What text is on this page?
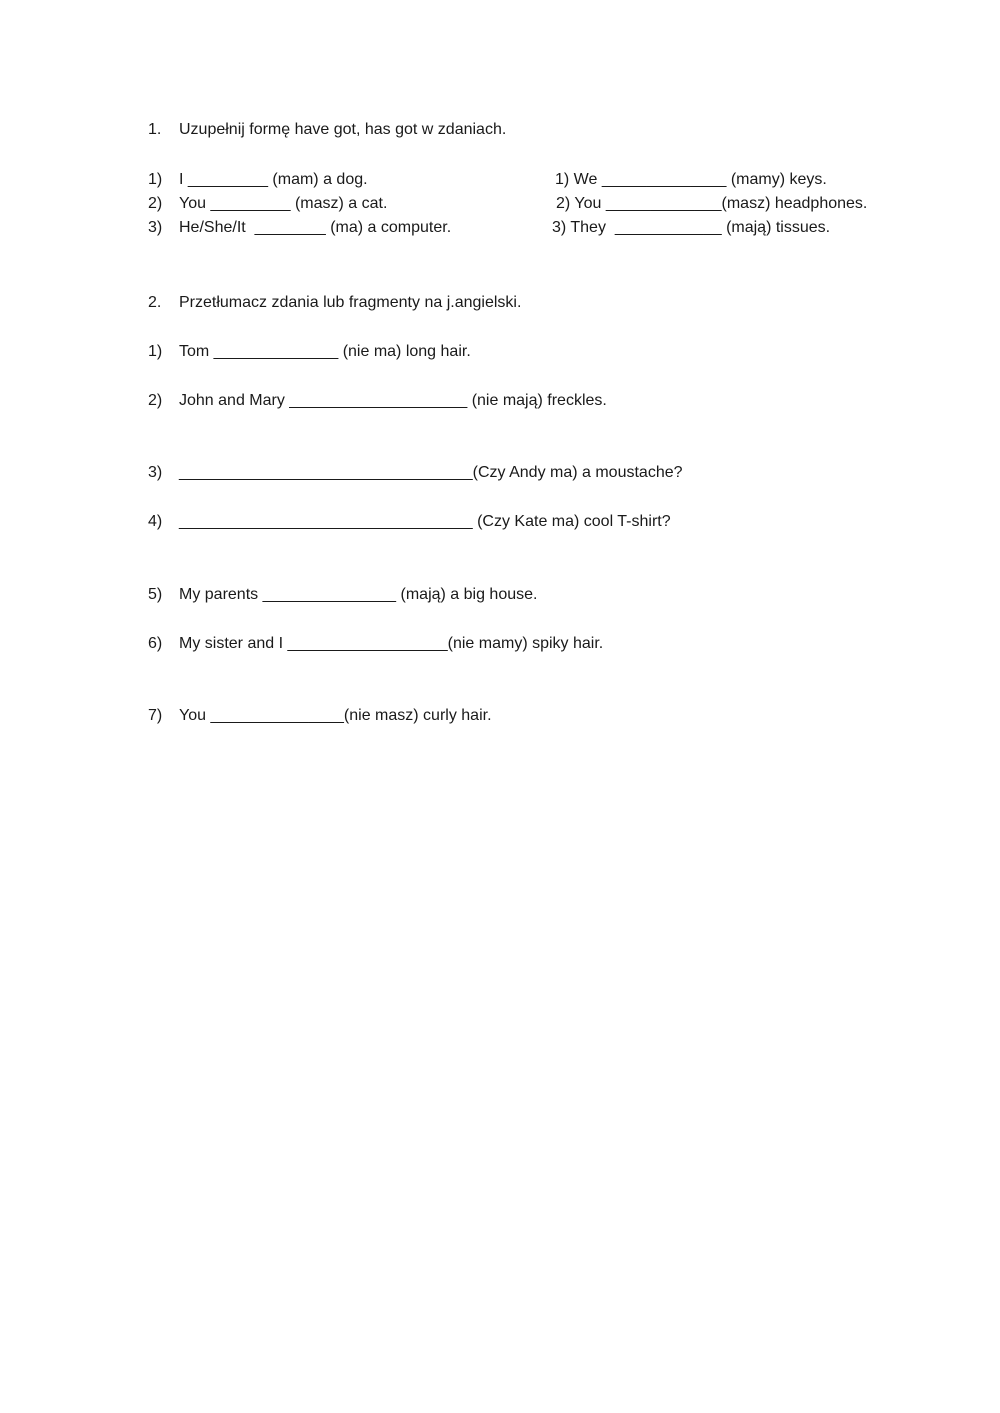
1. Uzupełnij formę have got, has got w zdaniach.
1) I _________ (mam) a dog.	1) We ______________ (mamy) keys.
2) You _________ (masz) a cat.	2) You _____________(masz) headphones.
3) He/She/It  ________ (ma) a computer.	3) They  ____________ (mają) tissues.
2. Przetłumacz zdania lub fragmenty na j.angielski.
1) Tom ______________ (nie ma) long hair.
2) John and Mary ____________________ (nie mają) freckles.
3) _________________________________(Czy Andy ma) a moustache?
4) _________________________________ (Czy Kate ma) cool T-shirt?
5) My parents _______________ (mają) a big house.
6) My sister and I __________________(nie mamy) spiky hair.
7) You _______________(nie masz) curly hair.
